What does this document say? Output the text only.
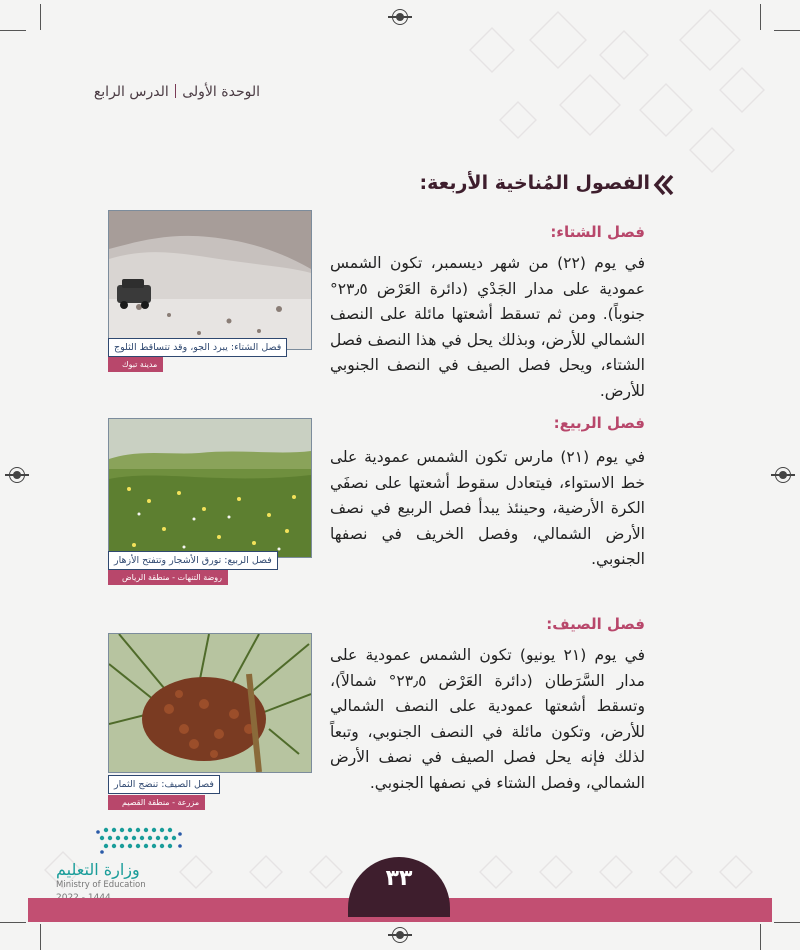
الوحدة الأولىالدرس الرابع
الفصول المُناخية الأربعة:
فصل الشتاء:
في يوم (٢٢) من شهر ديسمبر، تكون الشمس عمودية على مدار الجَدْي (دائرة العَرْض ٢٣٫٥° جنوباً). ومن ثم تسقط أشعتها مائلة على النصف الشمالي للأرض، وبذلك يحل في هذا النصف فصل الشتاء، ويحل فصل الصيف في النصف الجنوبي للأرض.
فصل الشتاء: يبرد الجو، وقد تتساقط الثلوج
مدينة تبوك
فصل الربيع:
في يوم (٢١) مارس تكون الشمس عمودية على خط الاستواء، فيتعادل سقوط أشعتها على نصفَي الكرة الأرضية، وحينئذ يبدأ فصل الربيع في نصف الأرض الشمالي، وفصل الخريف في نصفها الجنوبي.
فصل الربيع: تورق الأشجار وتتفتح الأزهار
روضة التنهات - منطقة الرياض
فصل الصيف:
في يوم (٢١ يونيو) تكون الشمس عمودية على مدار السَّرَطان (دائرة العَرْض ٢٣٫٥° شمالاً)، وتسقط أشعتها عمودية على النصف الشمالي للأرض، وتكون مائلة في النصف الجنوبي، وتبعاً لذلك فإنه يحل فصل الصيف في نصف الأرض الشمالي، وفصل الشتاء في نصفها الجنوبي.
فصل الصيف: تنضج الثمار
مزرعة - منطقة القصيم
وزارة التعليم
Ministry of Education	٣٣
